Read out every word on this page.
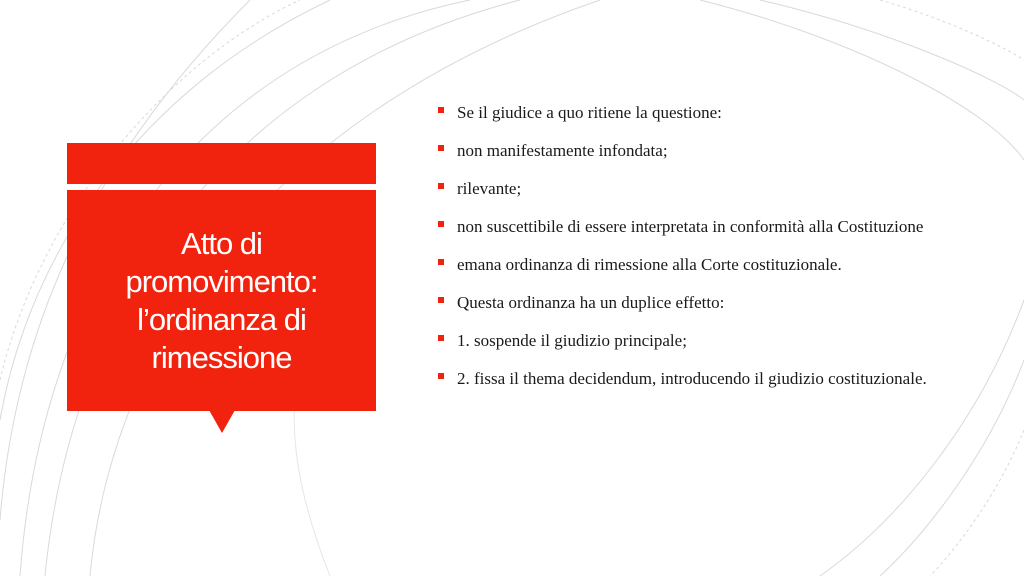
Atto di
promovimento:
l’ordinanza di
rimessione
Se il giudice a quo ritiene la questione:
non manifestamente infondata;
rilevante;
non suscettibile di essere interpretata in conformità alla Costituzione
emana ordinanza di rimessione alla Corte costituzionale.
Questa ordinanza ha un duplice effetto:
1. sospende il giudizio principale;
2. fissa il thema decidendum, introducendo il giudizio costituzionale.
